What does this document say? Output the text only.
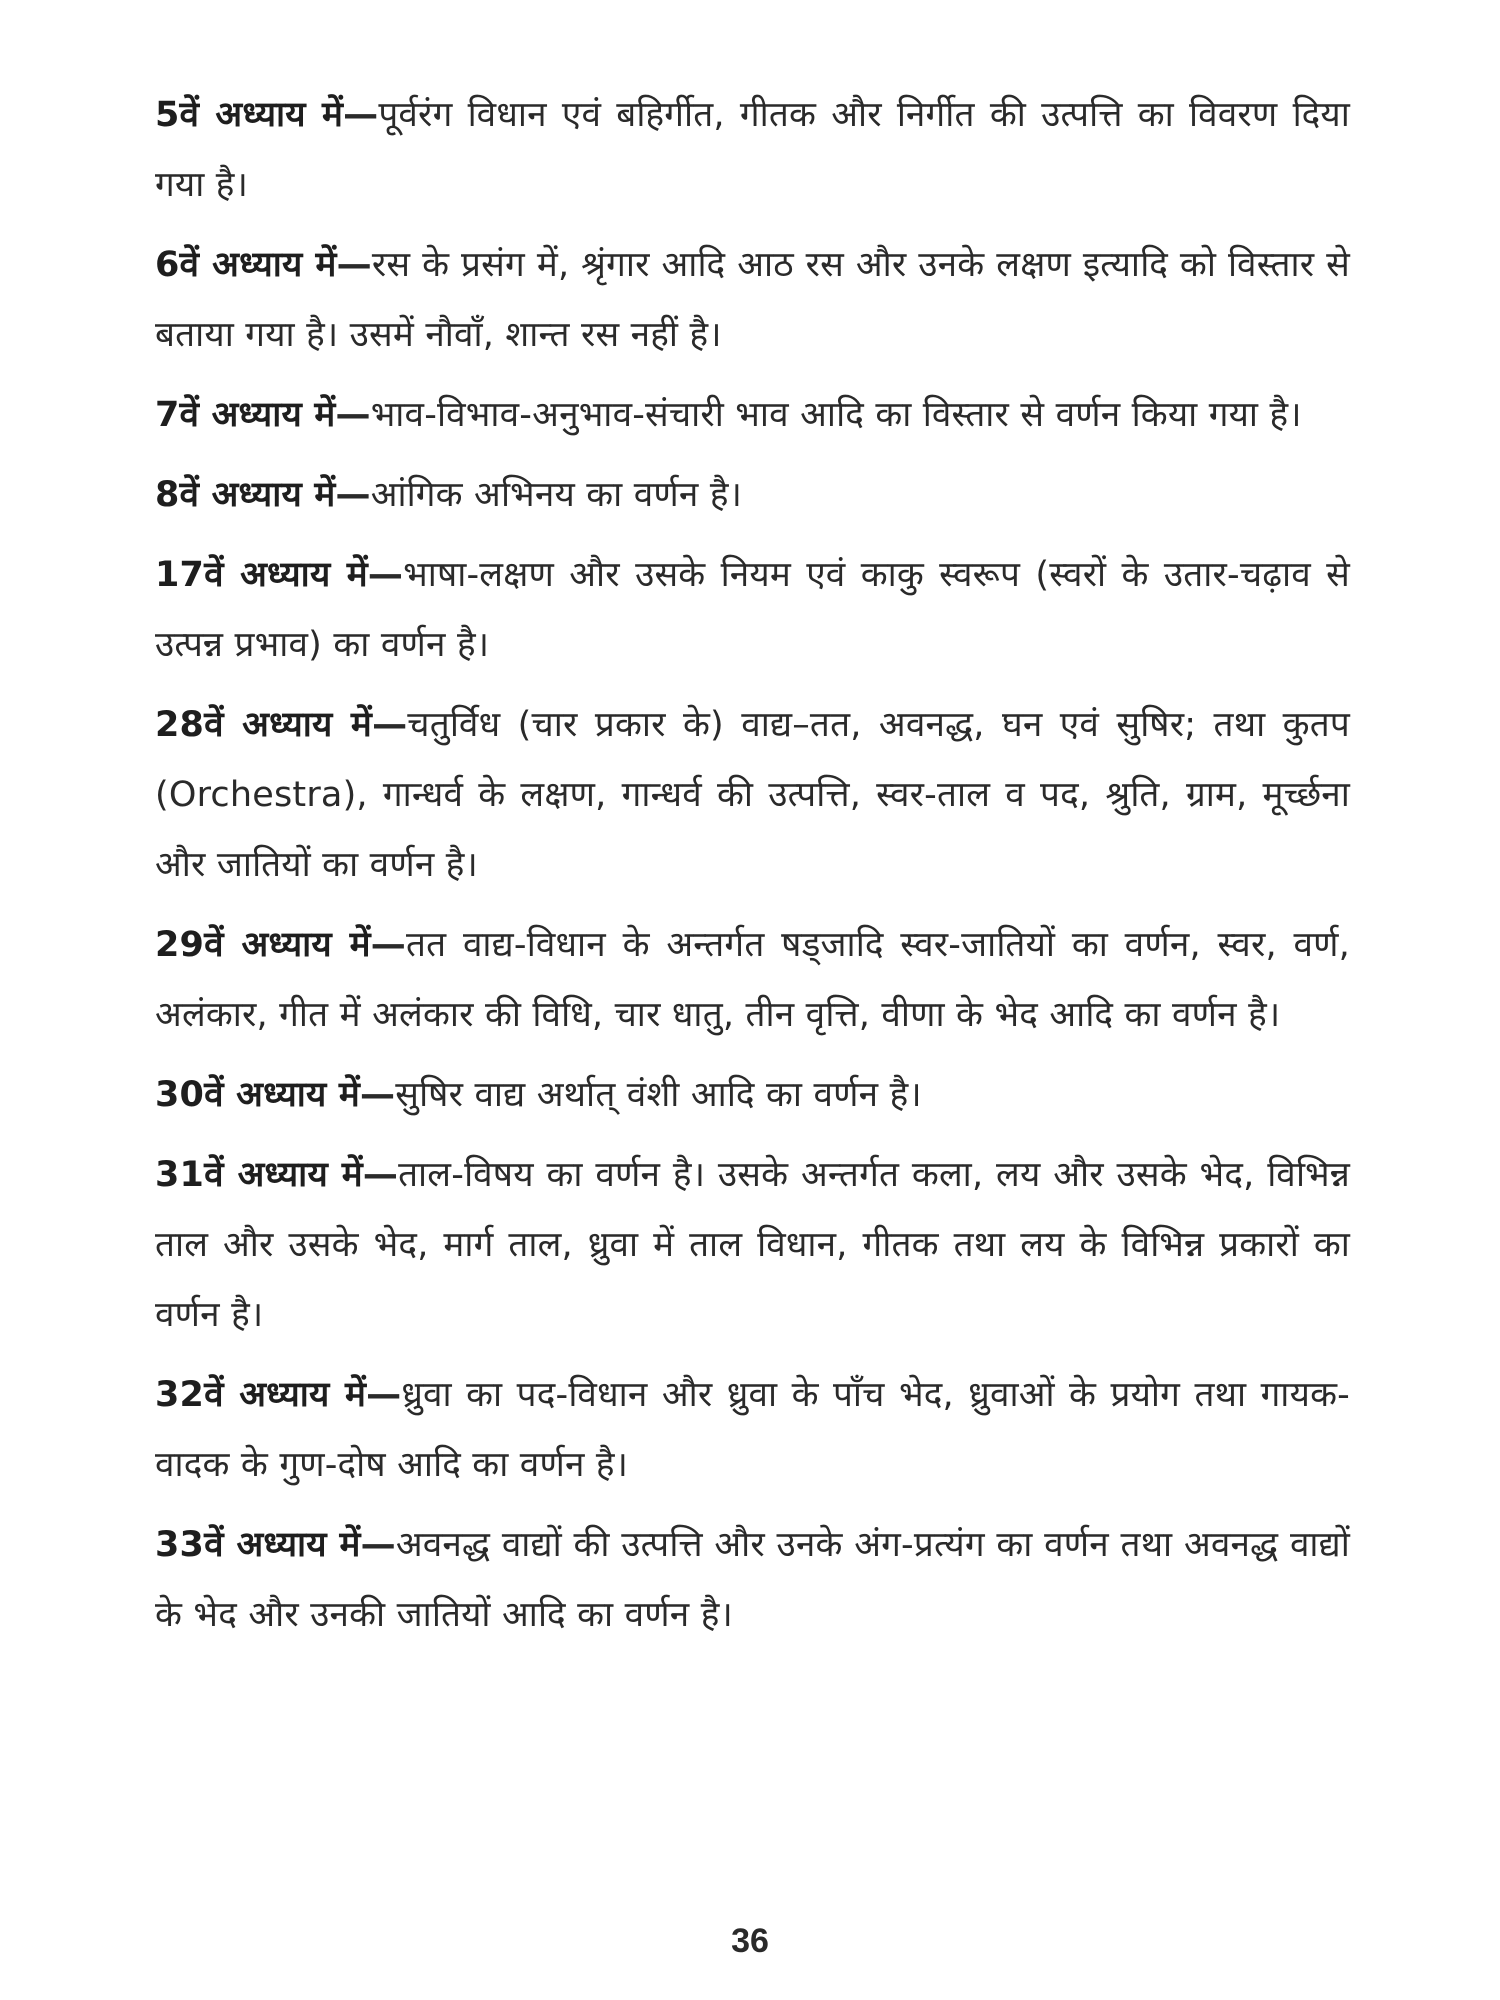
5वें अध्याय में—पूर्वरंग विधान एवं बहिर्गीत, गीतक और निर्गीत की उत्पत्ति का विवरण दिया गया है।

6वें अध्याय में—रस के प्रसंग में, श्रृंगार आदि आठ रस और उनके लक्षण इत्यादि को विस्तार से बताया गया है। उसमें नौवाँ, शान्त रस नहीं है।

7वें अध्याय में—भाव-विभाव-अनुभाव-संचारी भाव आदि का विस्तार से वर्णन किया गया है।

8वें अध्याय में—आंगिक अभिनय का वर्णन है।

17वें अध्याय में—भाषा-लक्षण और उसके नियम एवं काकु स्वरूप (स्वरों के उतार-चढ़ाव से उत्पन्न प्रभाव) का वर्णन है।

28वें अध्याय में—चतुर्विध (चार प्रकार के) वाद्य–तत, अवनद्ध, घन एवं सुषिर; तथा कुतप (Orchestra), गान्धर्व के लक्षण, गान्धर्व की उत्पत्ति, स्वर-ताल व पद, श्रुति, ग्राम, मूर्च्छना और जातियों का वर्णन है।

29वें अध्याय में—तत वाद्य-विधान के अन्तर्गत षड्जादि स्वर-जातियों का वर्णन, स्वर, वर्ण, अलंकार, गीत में अलंकार की विधि, चार धातु, तीन वृत्ति, वीणा के भेद आदि का वर्णन है।

30वें अध्याय में—सुषिर वाद्य अर्थात् वंशी आदि का वर्णन है।

31वें अध्याय में—ताल-विषय का वर्णन है। उसके अन्तर्गत कला, लय और उसके भेद, विभिन्न ताल और उसके भेद, मार्ग ताल, ध्रुवा में ताल विधान, गीतक तथा लय के विभिन्न प्रकारों का वर्णन है।

32वें अध्याय में—ध्रुवा का पद-विधान और ध्रुवा के पाँच भेद, ध्रुवाओं के प्रयोग तथा गायक-वादक के गुण-दोष आदि का वर्णन है।

33वें अध्याय में—अवनद्ध वाद्यों की उत्पत्ति और उनके अंग-प्रत्यंग का वर्णन तथा अवनद्ध वाद्यों के भेद और उनकी जातियों आदि का वर्णन है।

36
